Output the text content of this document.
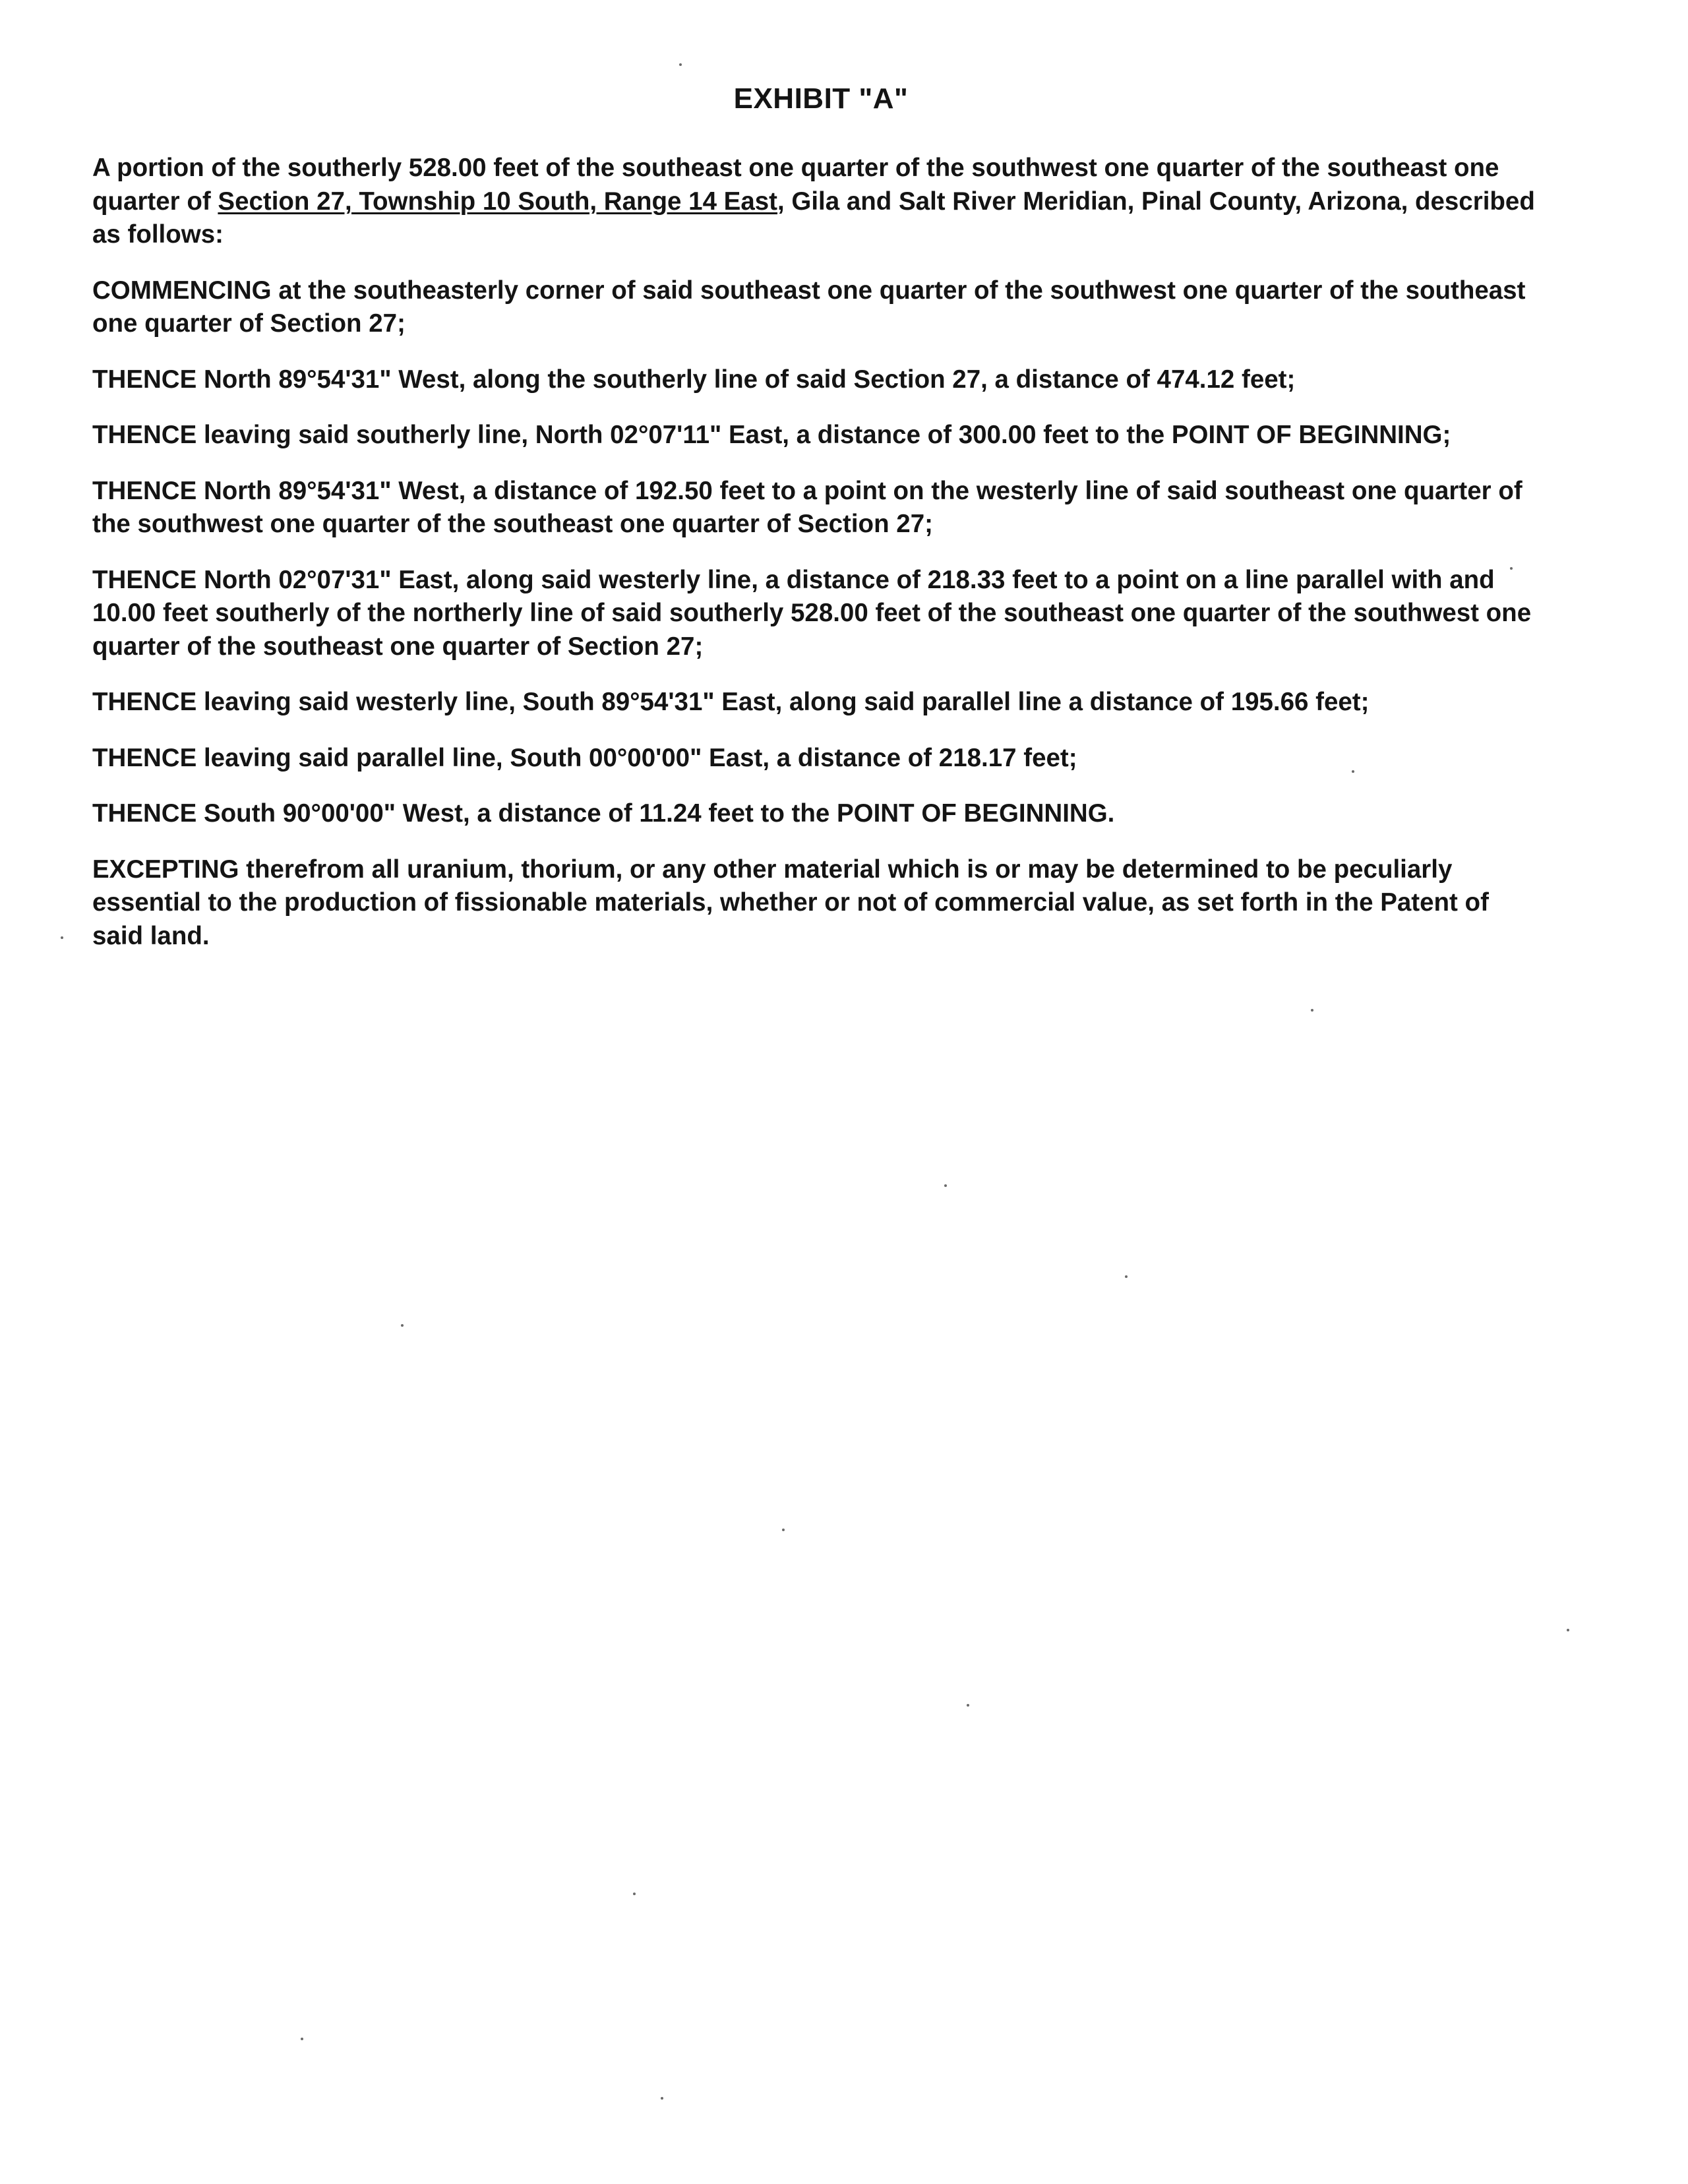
EXHIBIT "A"

A portion of the southerly 528.00 feet of the southeast one quarter of the southwest one quarter of the southeast one quarter of Section 27, Township 10 South, Range 14 East, Gila and Salt River Meridian, Pinal County, Arizona, described as follows:

COMMENCING at the southeasterly corner of said southeast one quarter of the southwest one quarter of the southeast one quarter of Section 27;

THENCE North 89°54'31" West, along the southerly line of said Section 27, a distance of 474.12 feet;

THENCE leaving said southerly line, North 02°07'11" East, a distance of 300.00 feet to the POINT OF BEGINNING;

THENCE North 89°54'31" West, a distance of 192.50 feet to a point on the westerly line of said southeast one quarter of the southwest one quarter of the southeast one quarter of Section 27;

THENCE North 02°07'31" East, along said westerly line, a distance of 218.33 feet to a point on a line parallel with and 10.00 feet southerly of the northerly line of said southerly 528.00 feet of the southeast one quarter of the southwest one quarter of the southeast one quarter of Section 27;

THENCE leaving said westerly line, South 89°54'31" East, along said parallel line a distance of 195.66 feet;

THENCE leaving said parallel line, South 00°00'00" East, a distance of 218.17 feet;

THENCE South 90°00'00" West, a distance of 11.24 feet to the POINT OF BEGINNING.

EXCEPTING therefrom all uranium, thorium, or any other material which is or may be determined to be peculiarly essential to the production of fissionable materials, whether or not of commercial value, as set forth in the Patent of said land.
